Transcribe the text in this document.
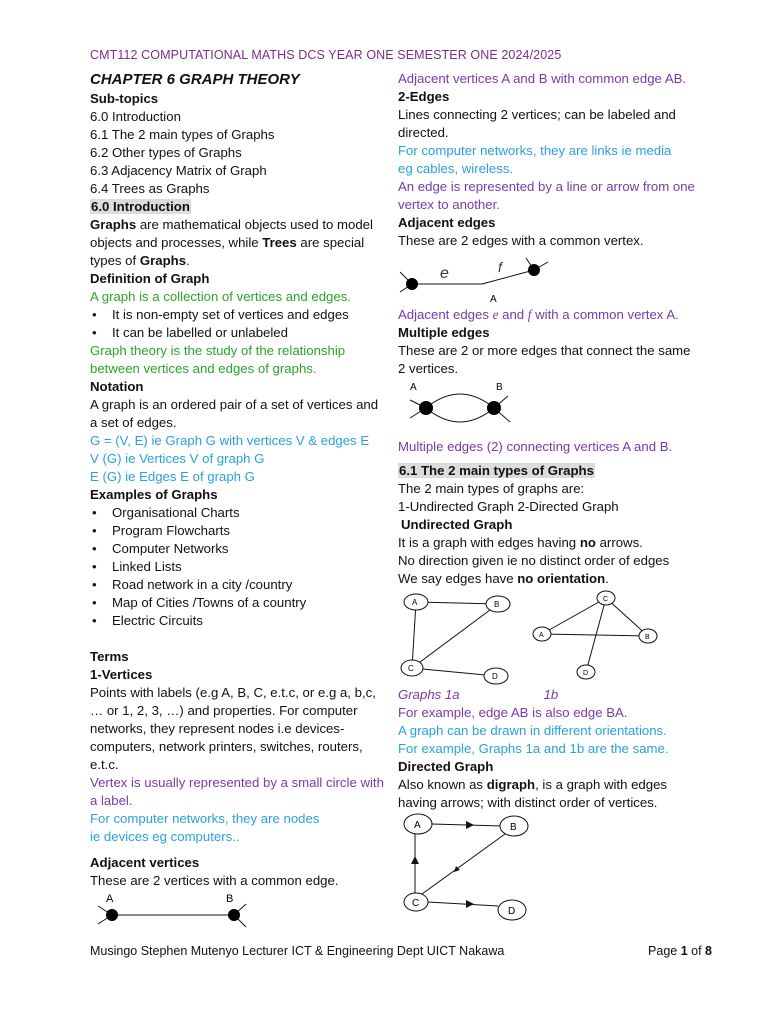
CMT112 COMPUTATIONAL MATHS DCS YEAR ONE SEMESTER ONE 2024/2025
CHAPTER 6 GRAPH THEORY
Sub-topics
6.0 Introduction
6.1 The 2 main types of Graphs
6.2 Other types of Graphs
6.3 Adjacency Matrix of Graph
6.4 Trees as Graphs
6.0 Introduction
Graphs are mathematical objects used to model objects and processes, while Trees are special types of Graphs.
Definition of Graph
A graph is a collection of vertices and edges.
• It is non-empty set of vertices and edges
• It can be labelled or unlabeled
Graph theory is the study of the relationship between vertices and edges of graphs.
Notation
A graph is an ordered pair of a set of vertices and a set of edges.
G = (V, E) ie Graph G with vertices V & edges E
V (G) ie Vertices V of graph G
E (G) ie Edges E of graph G
Examples of Graphs
• Organisational Charts
• Program Flowcharts
• Computer Networks
• Linked Lists
• Road network in a city /country
• Map of Cities /Towns of a country
• Electric Circuits
Terms
1-Vertices
Points with labels (e.g A, B, C, e.t.c, or e.g a, b,c, … or 1, 2, 3, …) and properties. For computer networks, they represent nodes i.e devices-computers, network printers, switches, routers, e.t.c.
Vertex is usually represented by a small circle with a label.
For computer networks, they are nodes
ie devices eg computers..
Adjacent vertices
These are 2 vertices with a common edge.
A	B
Adjacent vertices A and B with common edge AB.
2-Edges
Lines connecting 2 vertices; can be labeled and directed.
For computer networks, they are links ie media
eg cables, wireless.
An edge is represented by a line or arrow from one vertex to another.
Adjacent edges
These are 2 edges with a common vertex.
e	f
A
Adjacent edges e and f with a common vertex A.
Multiple edges
These are 2 or more edges that connect the same 2 vertices.
A	B
Multiple edges (2) connecting vertices A and B.
6.1 The 2 main types of Graphs
The 2 main types of graphs are:
1-Undirected Graph 2-Directed Graph
Undirected Graph
It is a graph with edges having no arrows.
No direction given ie no distinct order of edges
We say edges have no orientation.
A	B
C
D
C
A	B
D
Graphs 1a	1b
For example, edge AB is also edge BA.
A graph can be drawn in different orientations.
For example, Graphs 1a and 1b are the same.
Directed Graph
Also known as digraph, is a graph with edges having arrows; with distinct order of vertices.
A	B
C
D
Musingo Stephen Mutenyo Lecturer ICT & Engineering Dept UICT Nakawa	Page 1 of 8
